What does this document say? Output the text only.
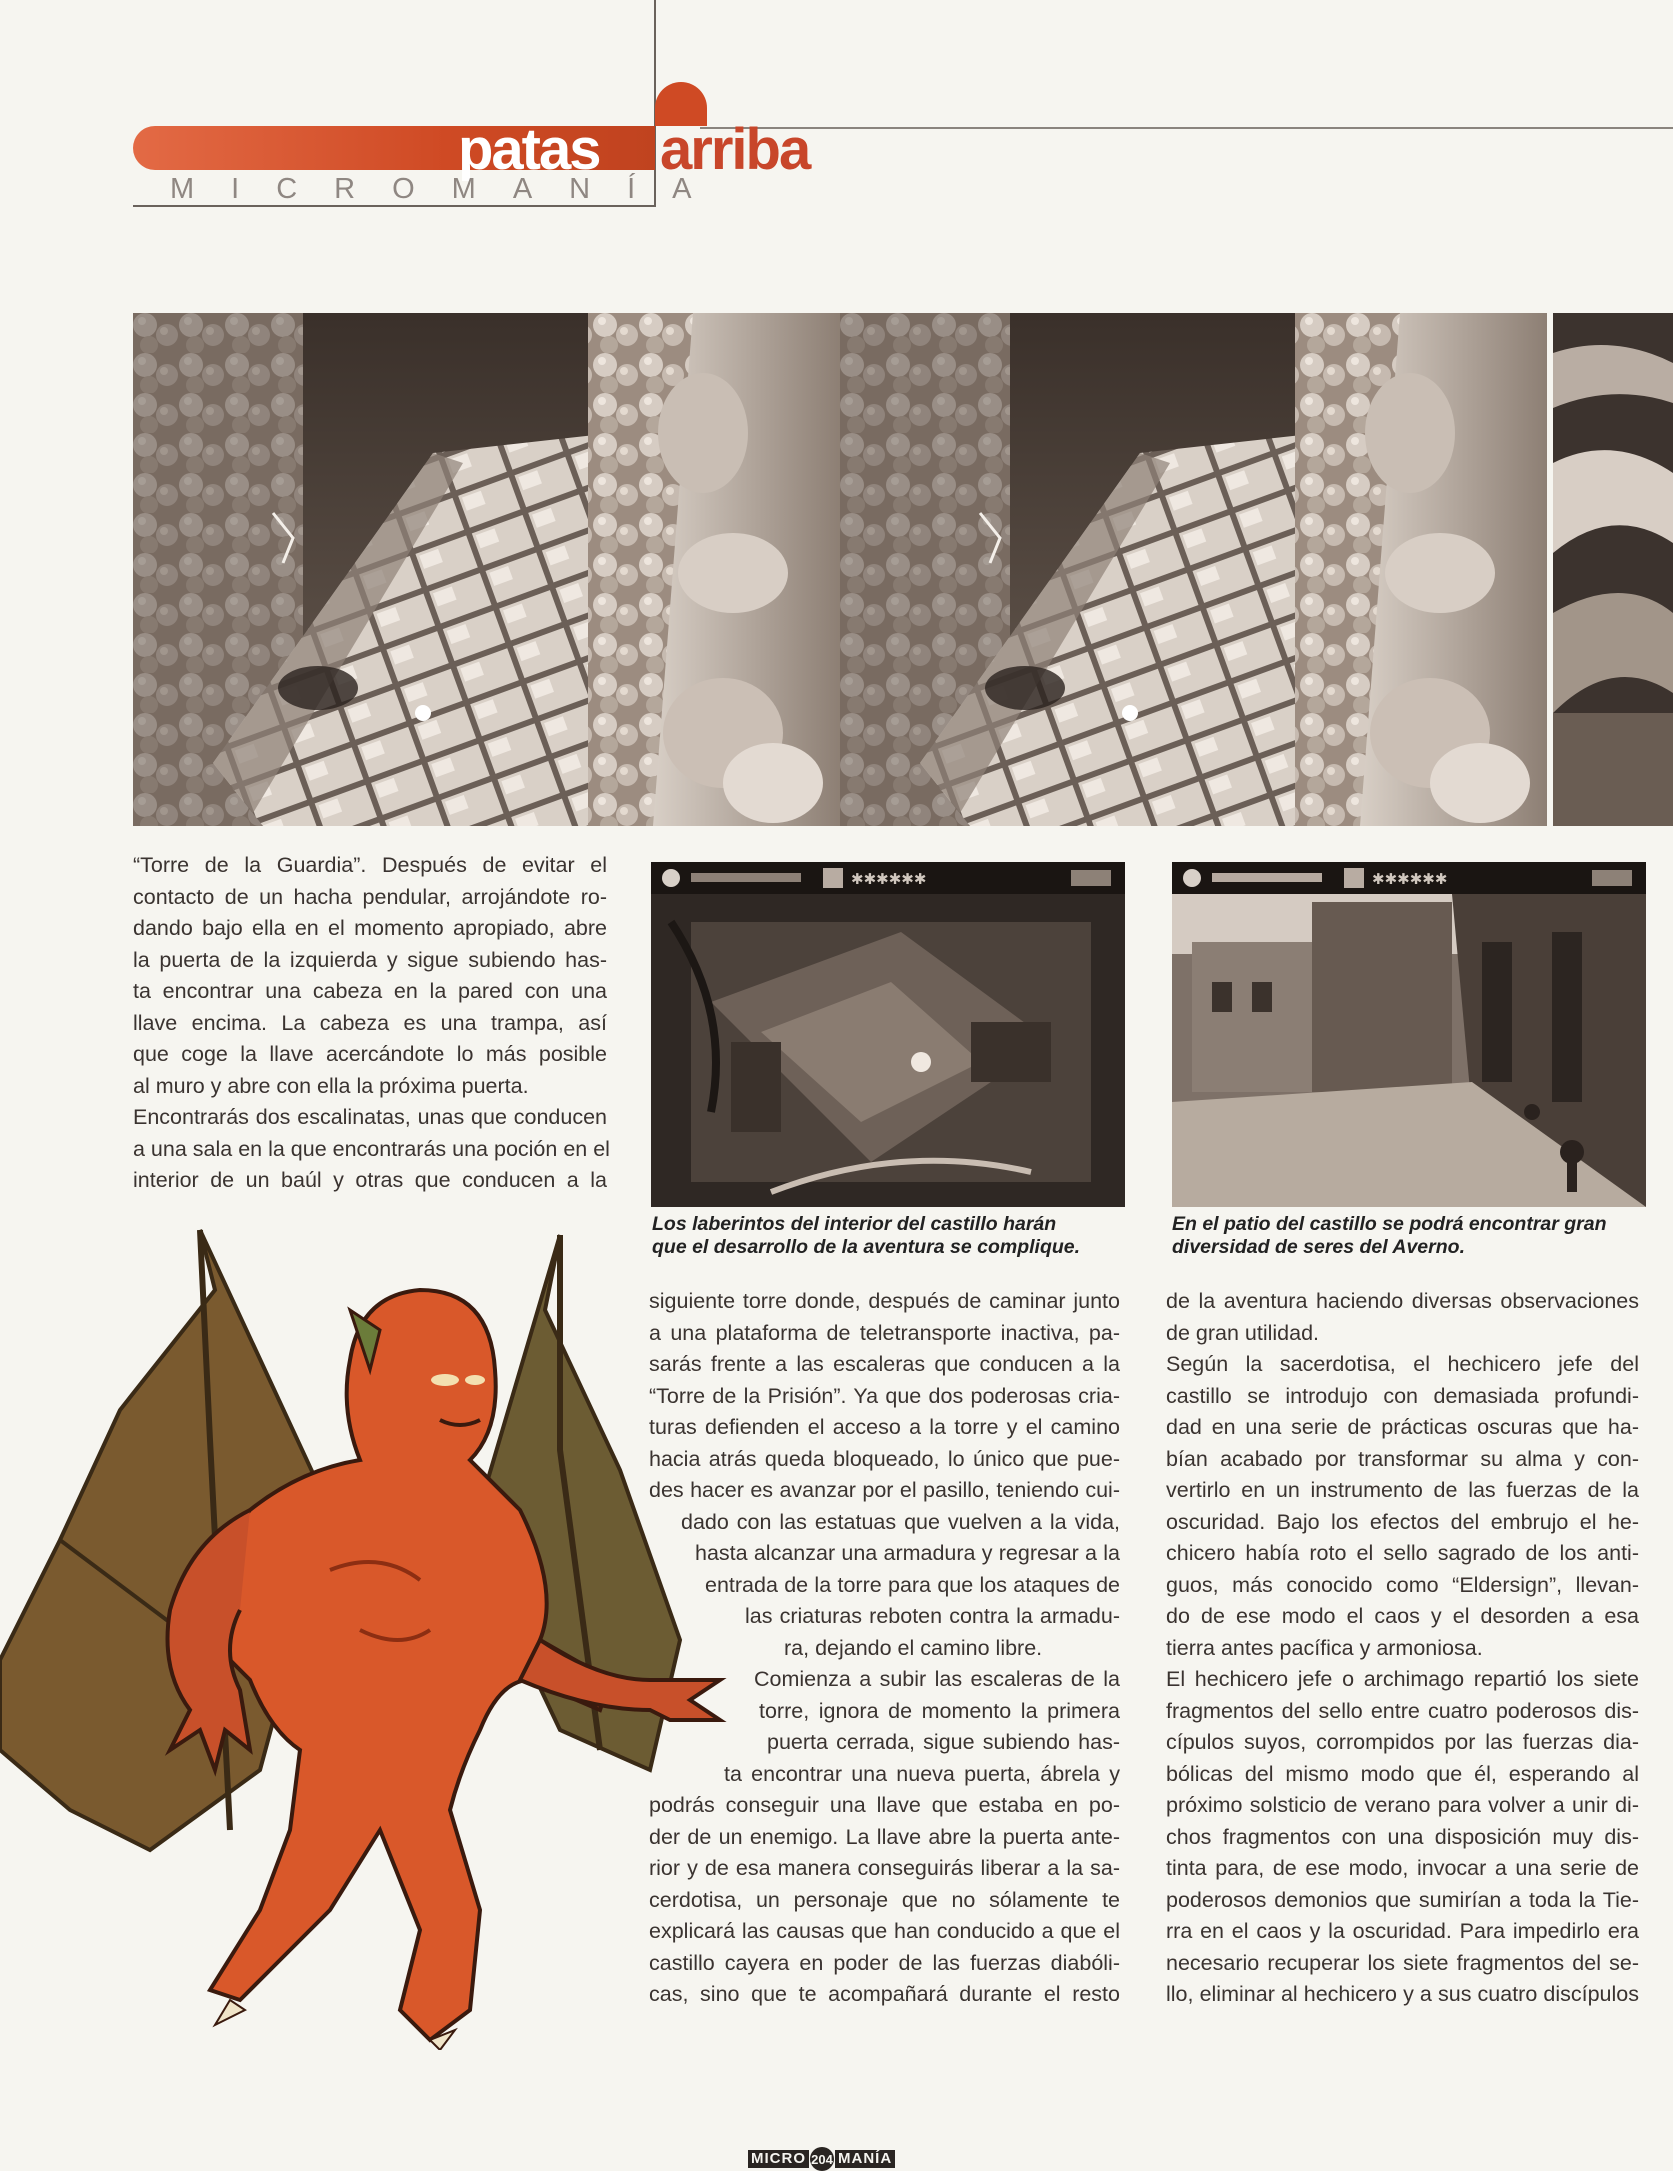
patas arriba
MICROMANÍA
“Torre de la Guardia”. Después de evitar el
contacto de un hacha pendular, arrojándote ro-
dando bajo ella en el momento apropiado, abre
la puerta de la izquierda y sigue subiendo has-
ta encontrar una cabeza en la pared con una
llave encima. La cabeza es una trampa, así
que coge la llave acercándote lo más posible
al muro y abre con ella la próxima puerta.
Encontrarás dos escalinatas, unas que conducen
a una sala en la que encontrarás una poción en el
interior de un baúl y otras que conducen a la
✱✱✱✱✱✱
Los laberintos del interior del castillo harán
que el desarrollo de la aventura se complique.
✱✱✱✱✱✱
En el patio del castillo se podrá encontrar gran
diversidad de seres del Averno.
siguiente torre donde, después de caminar junto
a una plataforma de teletransporte inactiva, pa-
sarás frente a las escaleras que conducen a la
“Torre de la Prisión”. Ya que dos poderosas cria-
turas defienden el acceso a la torre y el camino
hacia atrás queda bloqueado, lo único que pue-
des hacer es avanzar por el pasillo, teniendo cui-
dado con las estatuas que vuelven a la vida,
hasta alcanzar una armadura y regresar a la
entrada de la torre para que los ataques de
las criaturas reboten contra la armadu-
ra, dejando el camino libre.
Comienza a subir las escaleras de la
torre, ignora de momento la primera
puerta cerrada, sigue subiendo has-
ta encontrar una nueva puerta, ábrela y
podrás conseguir una llave que estaba en po-
der de un enemigo. La llave abre la puerta ante-
rior y de esa manera conseguirás liberar a la sa-
cerdotisa, un personaje que no sólamente te
explicará las causas que han conducido a que el
castillo cayera en poder de las fuerzas diabóli-
cas, sino que te acompañará durante el resto
de la aventura haciendo diversas observaciones
de gran utilidad.
Según la sacerdotisa, el hechicero jefe del
castillo se introdujo con demasiada profundi-
dad en una serie de prácticas oscuras que ha-
bían acabado por transformar su alma y con-
vertirlo en un instrumento de las fuerzas de la
oscuridad. Bajo los efectos del embrujo el he-
chicero había roto el sello sagrado de los anti-
guos, más conocido como “Eldersign”, llevan-
do de ese modo el caos y el desorden a esa
tierra antes pacífica y armoniosa.
El hechicero jefe o archimago repartió los siete
fragmentos del sello entre cuatro poderosos dis-
cípulos suyos, corrompidos por las fuerzas dia-
bólicas del mismo modo que él, esperando al
próximo solsticio de verano para volver a unir di-
chos fragmentos con una disposición muy dis-
tinta para, de ese modo, invocar a una serie de
poderosos demonios que sumirían a toda la Tie-
rra en el caos y la oscuridad. Para impedirlo era
necesario recuperar los siete fragmentos del se-
llo, eliminar al hechicero y a sus cuatro discípulos
MICRO 204 MANÍA
